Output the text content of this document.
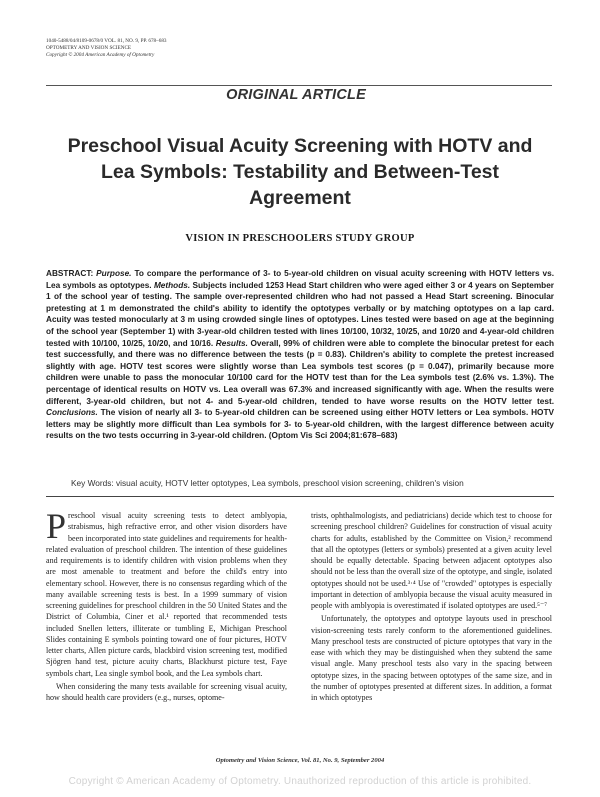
1040-5488/04/8109-0678/0 VOL. 81, NO. 9, PP. 678–683
OPTOMETRY AND VISION SCIENCE
Copyright © 2004 American Academy of Optometry
ORIGINAL ARTICLE
Preschool Visual Acuity Screening with HOTV and Lea Symbols: Testability and Between-Test Agreement
VISION IN PRESCHOOLERS STUDY GROUP
ABSTRACT: Purpose. To compare the performance of 3- to 5-year-old children on visual acuity screening with HOTV letters vs. Lea symbols as optotypes. Methods. Subjects included 1253 Head Start children who were aged either 3 or 4 years on September 1 of the school year of testing. The sample over-represented children who had not passed a Head Start screening. Binocular pretesting at 1 m demonstrated the child's ability to identify the optotypes verbally or by matching optotypes on a lap card. Acuity was tested monocularly at 3 m using crowded single lines of optotypes. Lines tested were based on age at the beginning of the school year (September 1) with 3-year-old children tested with lines 10/100, 10/32, 10/25, and 10/20 and 4-year-old children tested with 10/100, 10/25, 10/20, and 10/16. Results. Overall, 99% of children were able to complete the binocular pretest for each test successfully, and there was no difference between the tests (p = 0.83). Children's ability to complete the pretest increased slightly with age. HOTV test scores were slightly worse than Lea symbols test scores (p = 0.047), primarily because more children were unable to pass the monocular 10/100 card for the HOTV test than for the Lea symbols test (2.6% vs. 1.3%). The percentage of identical results on HOTV vs. Lea overall was 67.3% and increased significantly with age. When the results were different, 3-year-old children, but not 4- and 5-year-old children, tended to have worse results on the HOTV letter test. Conclusions. The vision of nearly all 3- to 5-year-old children can be screened using either HOTV letters or Lea symbols. HOTV letters may be slightly more difficult than Lea symbols for 3- to 5-year-old children, with the largest difference between acuity results on the two tests occurring in 3-year-old children. (Optom Vis Sci 2004;81:678–683)
Key Words: visual acuity, HOTV letter optotypes, Lea symbols, preschool vision screening, children's vision

Preschool visual acuity screening tests to detect amblyopia, strabismus, high refractive error, and other vision disorders have been incorporated into state guidelines and requirements for health-related evaluation of preschool children. The intention of these guidelines and requirements is to identify children with vision problems when they are most amenable to treatment and before the child's entry into elementary school. However, there is no consensus regarding which of the many available screening tests is best. In a 1999 summary of vision screening guidelines for preschool children in the 50 United States and the District of Columbia, Ciner et al.¹ reported that recommended tests included Snellen letters, illiterate or tumbling E, Michigan Preschool Slides containing E symbols pointing toward one of four pictures, HOTV letter charts, Allen picture cards, blackbird vision screening test, modified Sjögren hand test, picture acuity charts, Blackhurst picture test, Faye symbols chart, Lea single symbol book, and the Lea symbols chart.

When considering the many tests available for screening visual acuity, how should health care providers (e.g., nurses, optome-

trists, ophthalmologists, and pediatricians) decide which test to choose for screening preschool children? Guidelines for construction of visual acuity charts for adults, established by the Committee on Vision,² recommend that all the optotypes (letters or symbols) presented at a given acuity level should be equally detectable. Spacing between adjacent optotypes also should not be less than the overall size of the optotype, and single, isolated optotypes should not be used.³·⁴ Use of "crowded" optotypes is especially important in detection of amblyopia because the visual acuity measured in people with amblyopia is overestimated if isolated optotypes are used.⁵⁻⁷

Unfortunately, the optotypes and optotype layouts used in preschool vision-screening tests rarely conform to the aforementioned guidelines. Many preschool tests are constructed of picture optotypes that vary in the ease with which they may be distinguished when they subtend the same visual angle. Many preschool tests also vary in the spacing between optotype sizes, in the spacing between optotypes of the same size, and in the number of optotypes presented at different sizes. In addition, a format in which optotypes

Optometry and Vision Science, Vol. 81, No. 9, September 2004
Copyright © American Academy of Optometry. Unauthorized reproduction of this article is prohibited.
